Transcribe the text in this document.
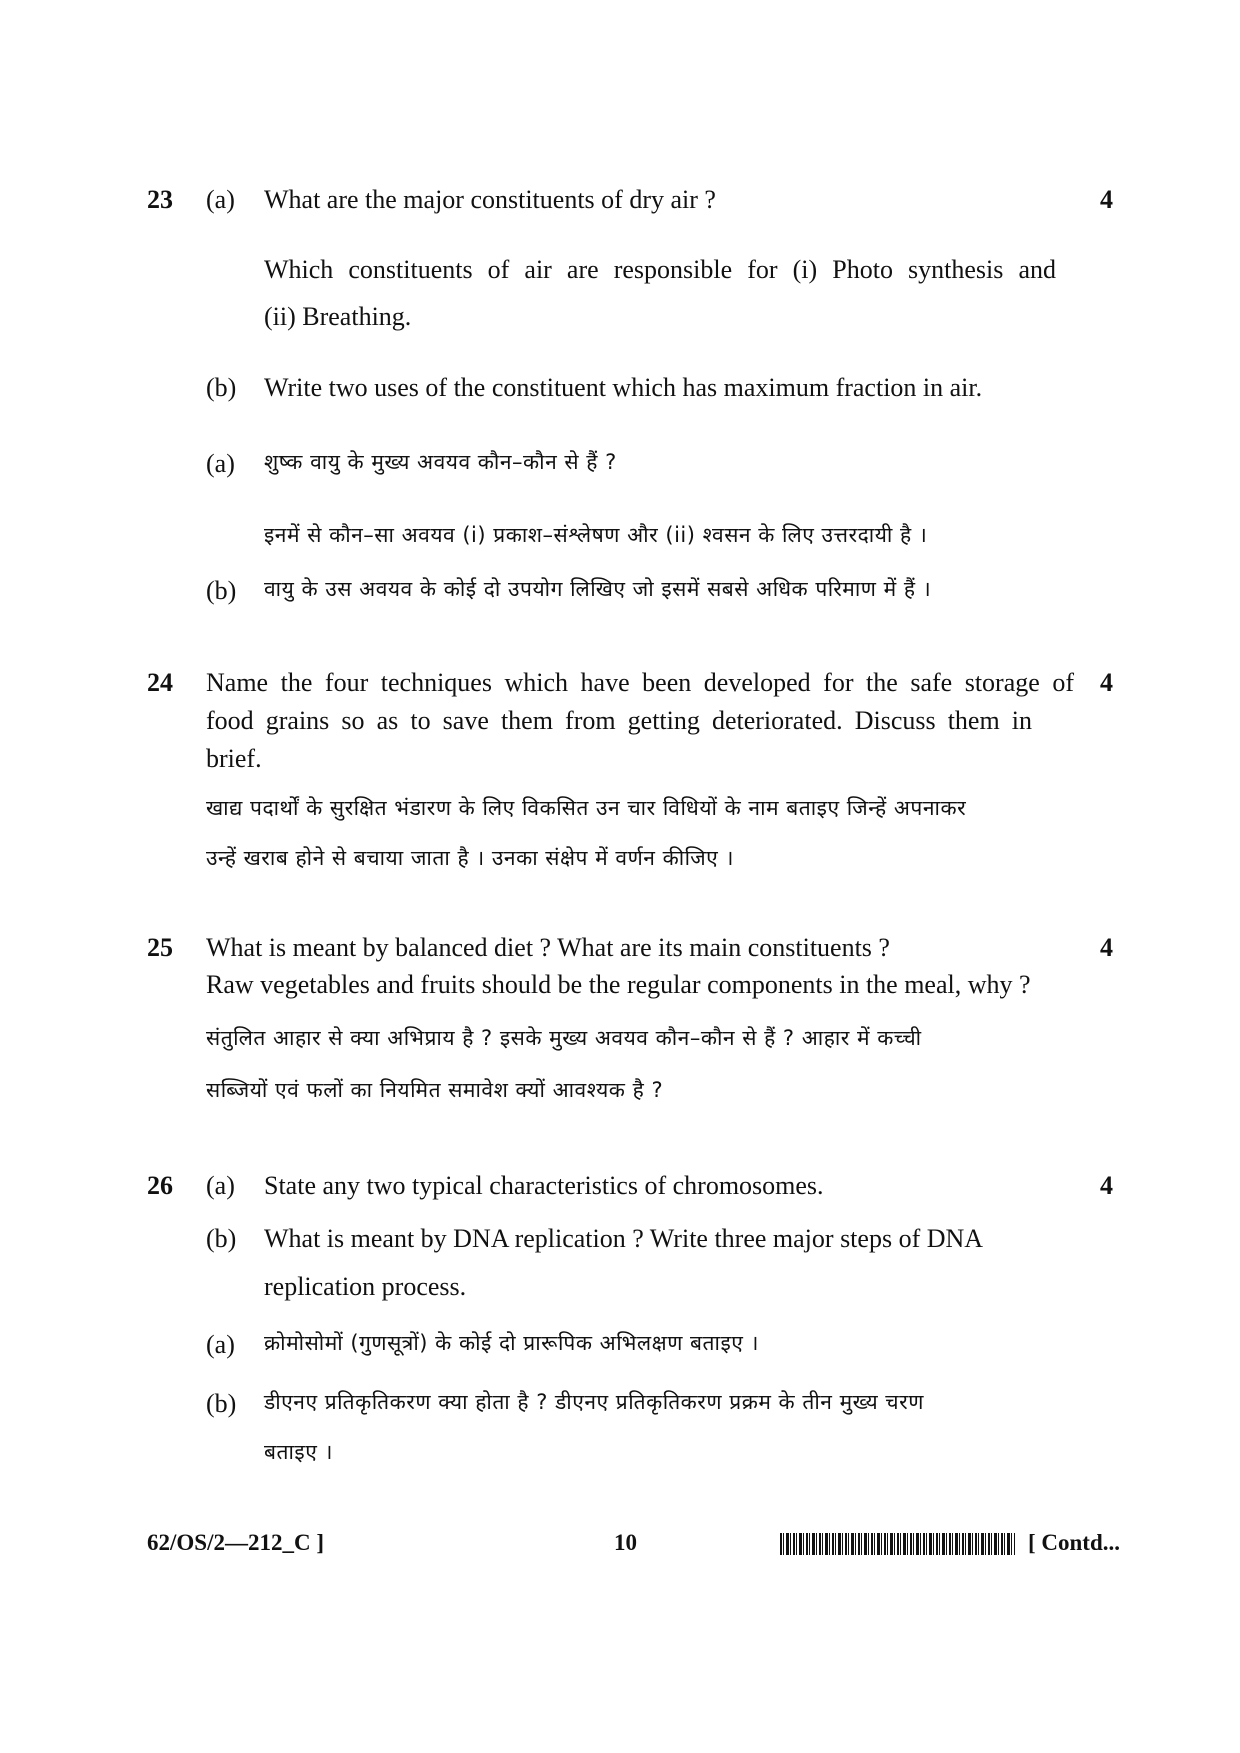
23 (a) What are the major constituents of dry air ?	4
Which constituents of air are responsible for (i) Photo synthesis and
(ii) Breathing.
(b) Write two uses of the constituent which has maximum fraction in air.
(a) शुष्क वायु के मुख्य अवयव कौन–कौन से हैं ?
इनमें से कौन–सा अवयव (i) प्रकाश–संश्लेषण और (ii) श्वसन के लिए उत्तरदायी है ।
(b) वायु के उस अवयव के कोई दो उपयोग लिखिए जो इसमें सबसे अधिक परिमाण में हैं ।
24 Name the four techniques which have been developed for the safe storage of 4
food grains so as to save them from getting deteriorated. Discuss them in
brief.
खाद्य पदार्थों के सुरक्षित भंडारण के लिए विकसित उन चार विधियों के नाम बताइए जिन्हें अपनाकर
उन्हें खराब होने से बचाया जाता है । उनका संक्षेप में वर्णन कीजिए ।
25 What is meant by balanced diet ? What are its main constituents ?	4
Raw vegetables and fruits should be the regular components in the meal, why ?
संतुलित आहार से क्या अभिप्राय है ? इसके मुख्य अवयव कौन–कौन से हैं ? आहार में कच्ची
सब्जियों एवं फलों का नियमित समावेश क्यों आवश्यक है ?
26 (a) State any two typical characteristics of chromosomes.	4
(b) What is meant by DNA replication ? Write three major steps of DNA
replication process.
(a) क्रोमोसोमों (गुणसूत्रों) के कोई दो प्रारूपिक अभिलक्षण बताइए ।
(b) डीएनए प्रतिकृतिकरण क्या होता है ? डीएनए प्रतिकृतिकरण प्रक्रम के तीन मुख्य चरण
बताइए ।
62/OS/2—212_C ]	10	[ Contd...
